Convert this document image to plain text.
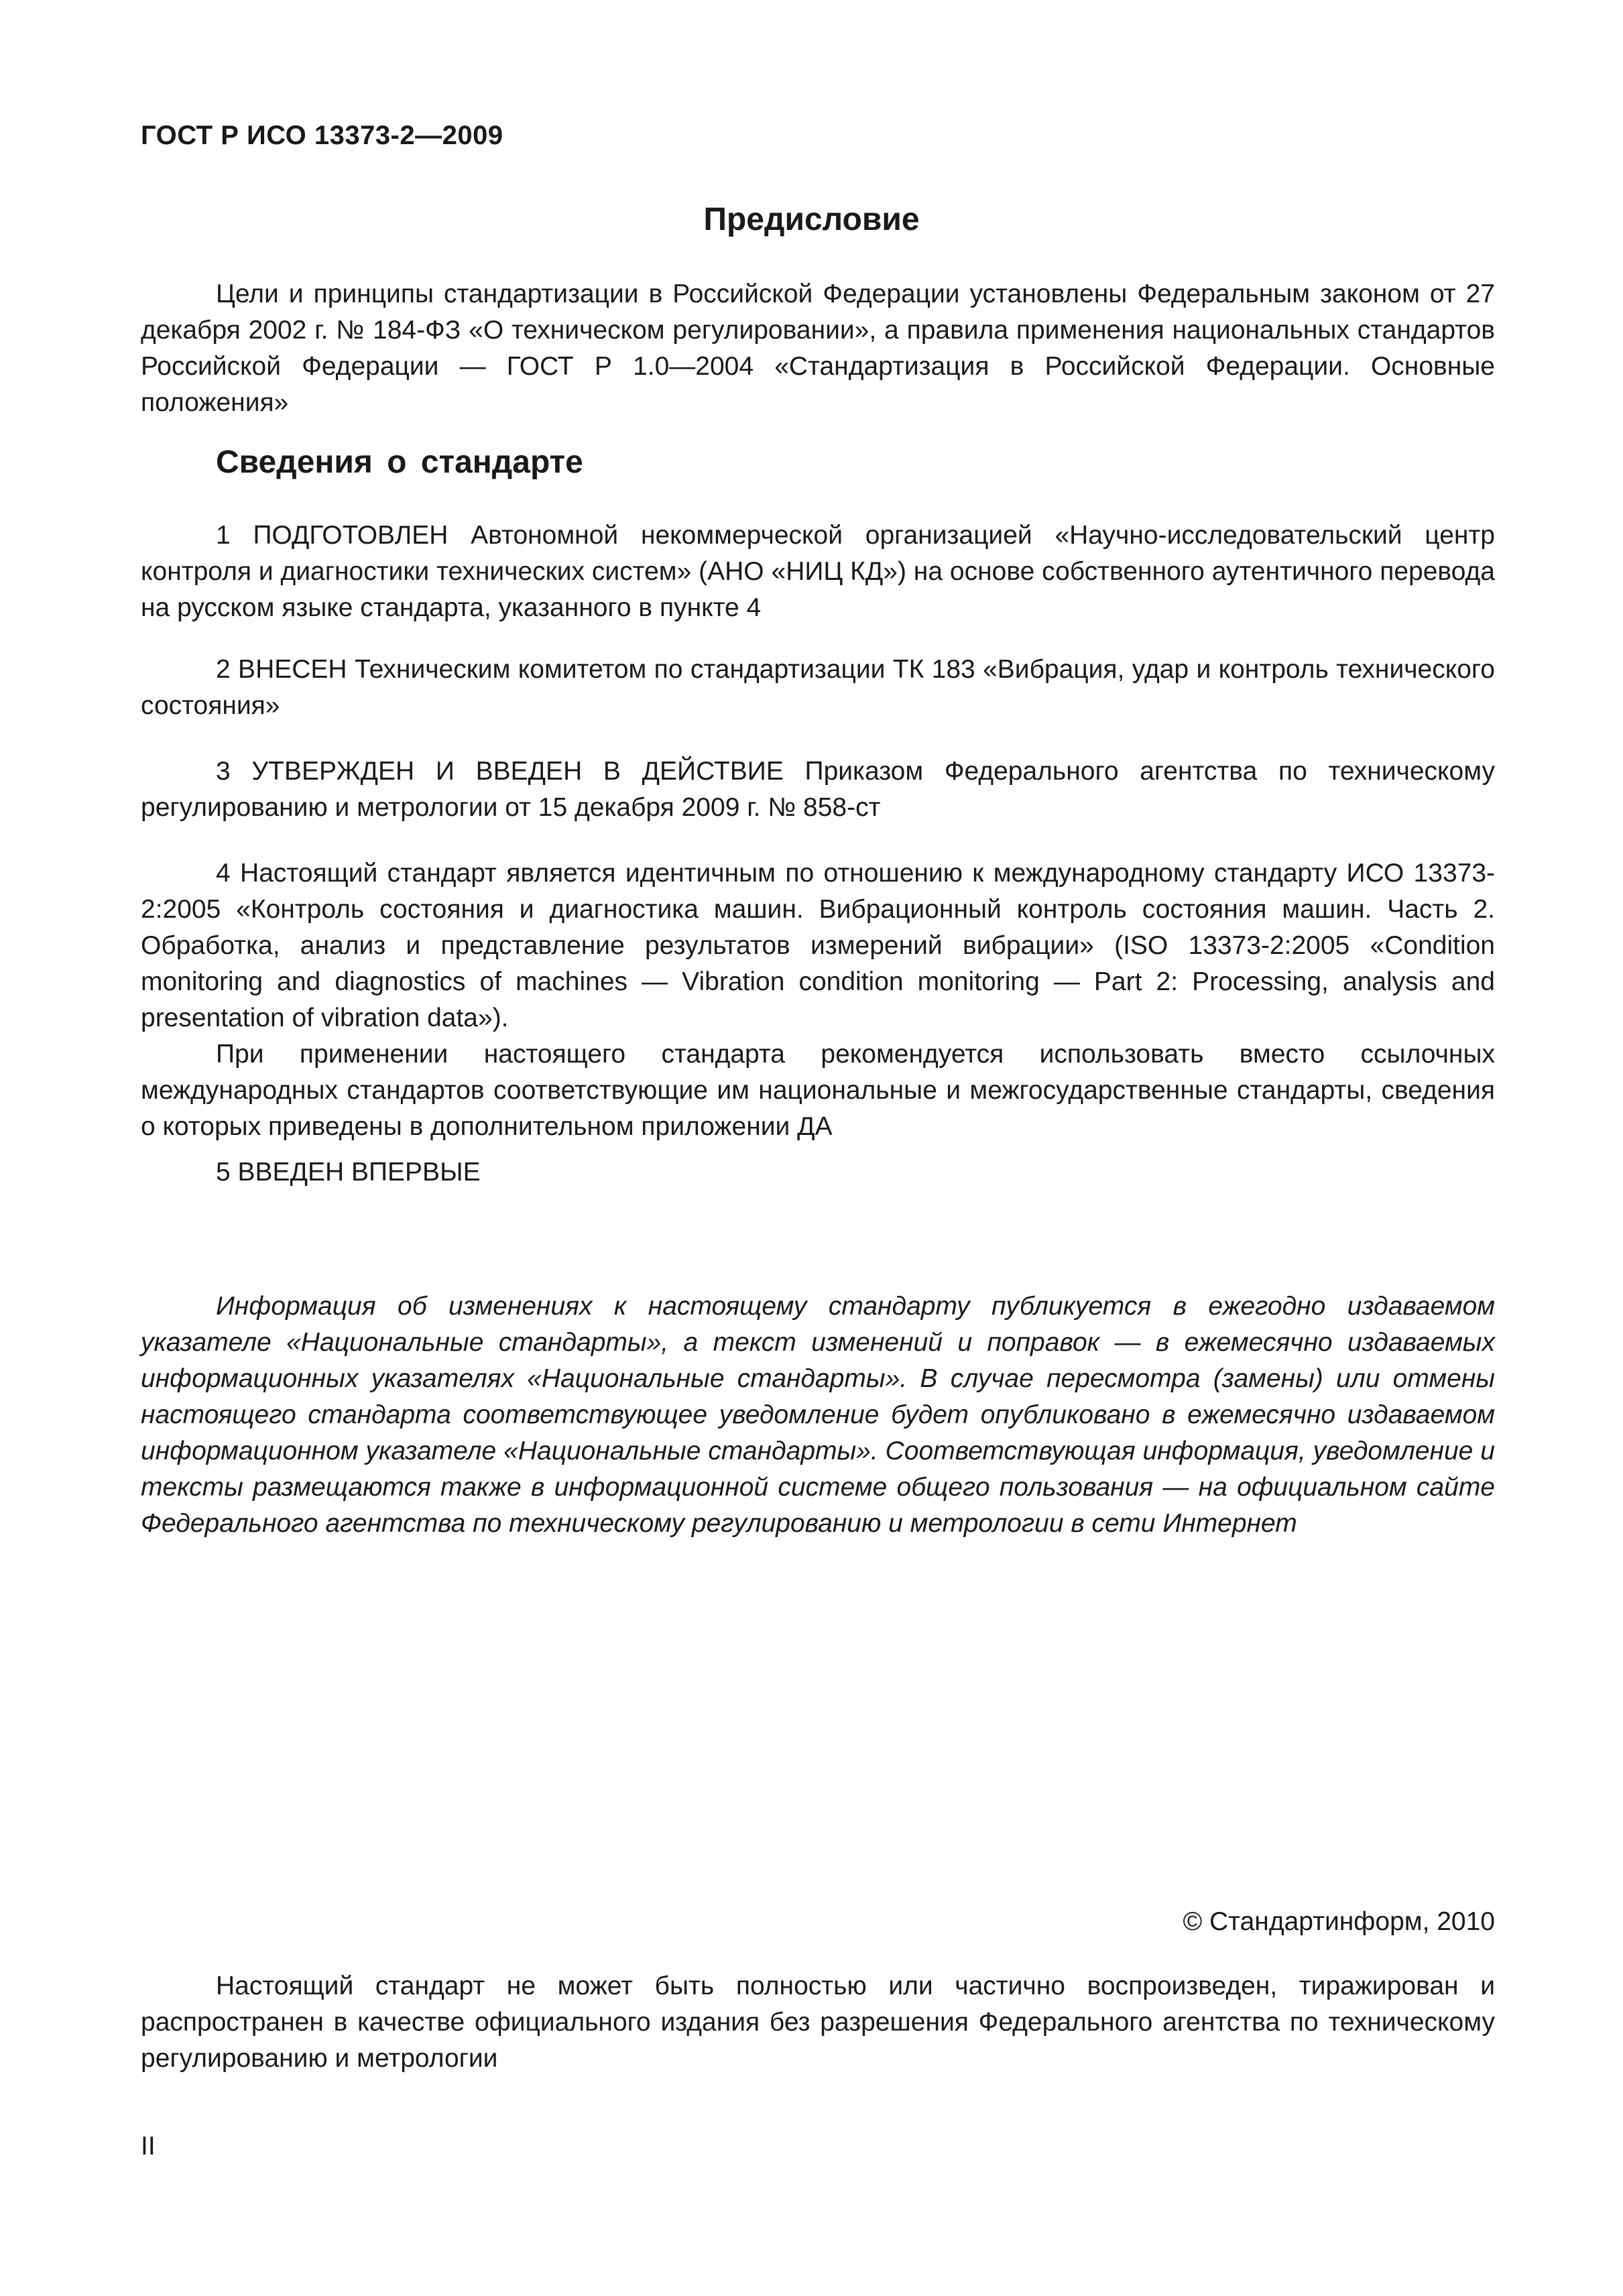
ГОСТ Р ИСО 13373-2—2009
Предисловие

Цели и принципы стандартизации в Российской Федерации установлены Федеральным законом от 27 декабря 2002 г. № 184-ФЗ «О техническом регулировании», а правила применения национальных стандартов Российской Федерации — ГОСТ Р 1.0—2004 «Стандартизация в Российской Федерации. Основные положения»

Сведения о стандарте

1 ПОДГОТОВЛЕН Автономной некоммерческой организацией «Научно-исследовательский центр контроля и диагностики технических систем» (АНО «НИЦ КД») на основе собственного аутентичного перевода на русском языке стандарта, указанного в пункте 4

2 ВНЕСЕН Техническим комитетом по стандартизации ТК 183 «Вибрация, удар и контроль технического состояния»

3 УТВЕРЖДЕН И ВВЕДЕН В ДЕЙСТВИЕ Приказом Федерального агентства по техническому регулированию и метрологии от 15 декабря 2009 г. № 858-ст

4 Настоящий стандарт является идентичным по отношению к международному стандарту ИСО 13373-2:2005 «Контроль состояния и диагностика машин. Вибрационный контроль состояния машин. Часть 2. Обработка, анализ и представление результатов измерений вибрации» (ISO 13373-2:2005 «Condition monitoring and diagnostics of machines — Vibration condition monitoring — Part 2: Processing, analysis and presentation of vibration data»).

При применении настоящего стандарта рекомендуется использовать вместо ссылочных международных стандартов соответствующие им национальные и межгосударственные стандарты, сведения о которых приведены в дополнительном приложении ДА

5 ВВЕДЕН ВПЕРВЫЕ

Информация об изменениях к настоящему стандарту публикуется в ежегодно издаваемом указателе «Национальные стандарты», а текст изменений и поправок — в ежемесячно издаваемых информационных указателях «Национальные стандарты». В случае пересмотра (замены) или отмены настоящего стандарта соответствующее уведомление будет опубликовано в ежемесячно издаваемом информационном указателе «Национальные стандарты». Соответствующая информация, уведомление и тексты размещаются также в информационной системе общего пользования — на официальном сайте Федерального агентства по техническому регулированию и метрологии в сети Интернет

© Стандартинформ, 2010

Настоящий стандарт не может быть полностью или частично воспроизведен, тиражирован и распространен в качестве официального издания без разрешения Федерального агентства по техническому регулированию и метрологии

II
